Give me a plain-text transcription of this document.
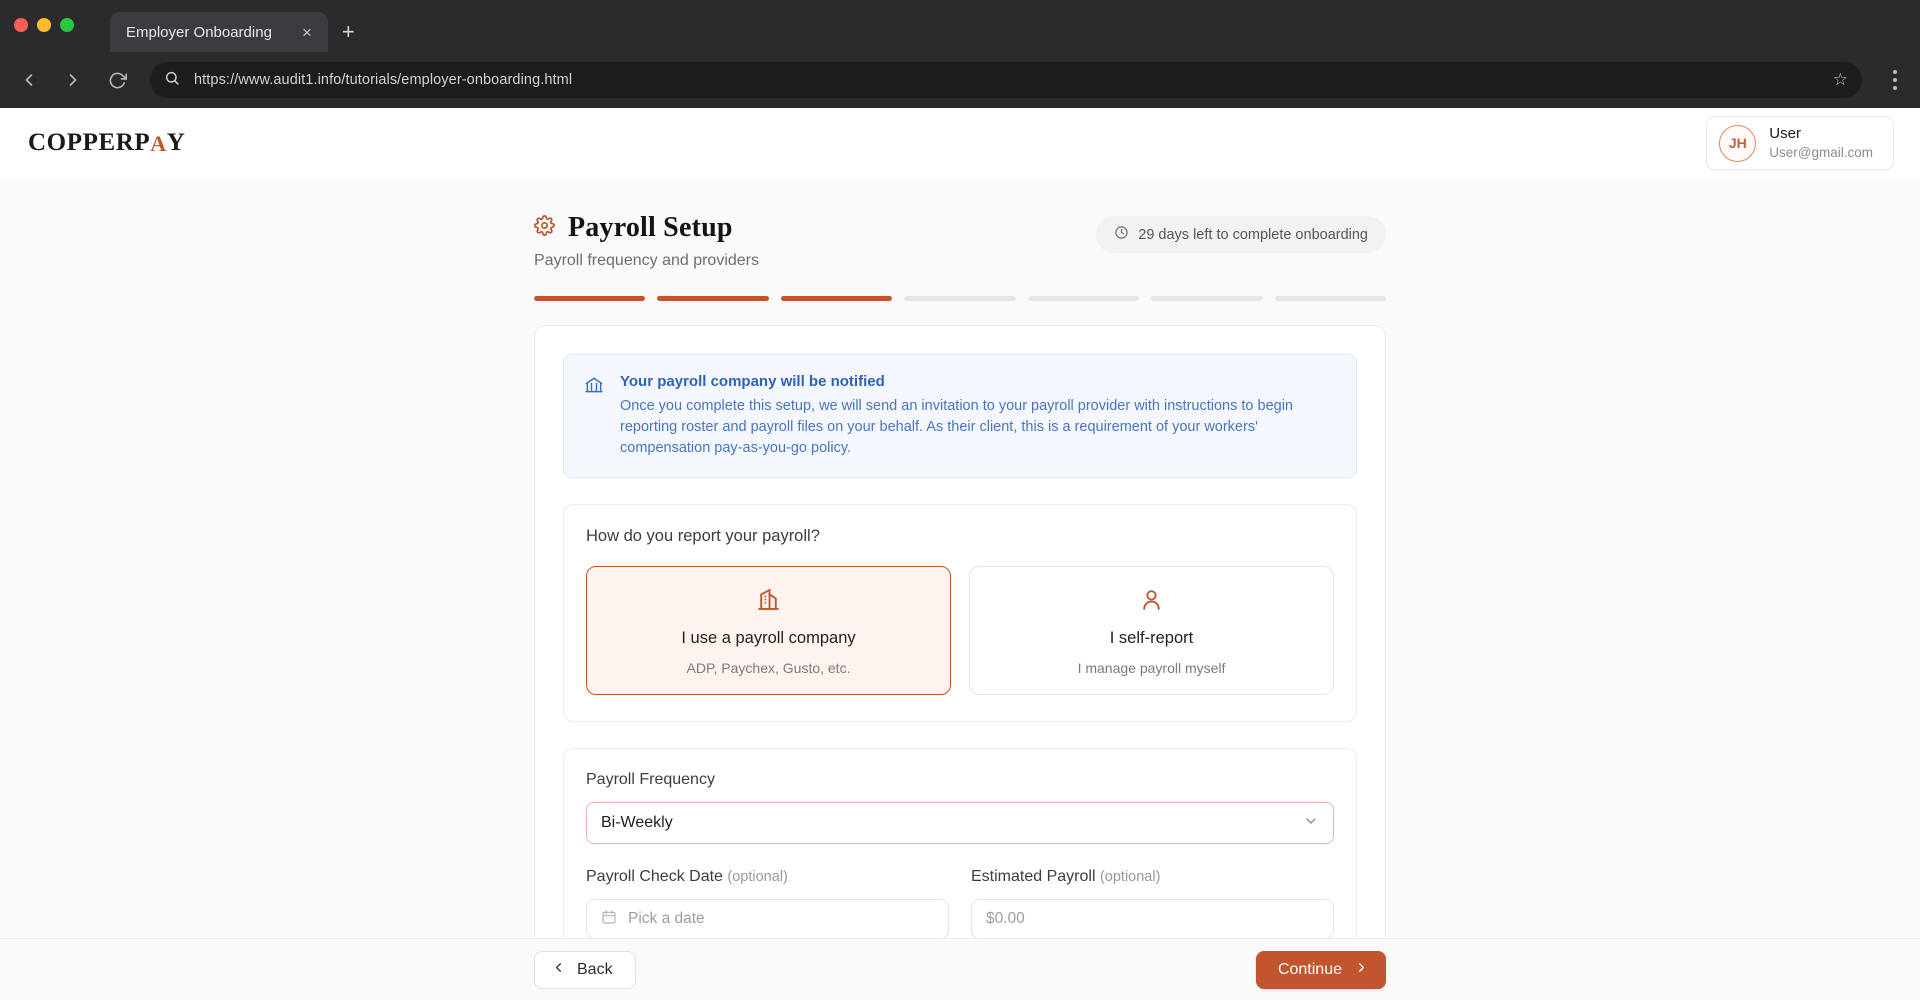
Employer Onboarding × +
https://www.audit1.info/tutorials/employer-onboarding.html	☆
COPPERPAY	JH
User
User@gmail.com
Payroll Setup
Payroll frequency and providers
29 days left to complete onboarding
Your payroll company will be notified
Once you complete this setup, we will send an invitation to your payroll provider with instructions to begin reporting roster and payroll files on your behalf. As their client, this is a requirement of your workers' compensation pay-as-you-go policy.
How do you report your payroll?
I use a payroll company
ADP, Paychex, Gusto, etc.
I self-report
I manage payroll myself
Payroll Frequency
Bi-Weekly
Payroll Check Date (optional)
Pick a date
Estimated Payroll (optional)
$0.00
Back	Continue
